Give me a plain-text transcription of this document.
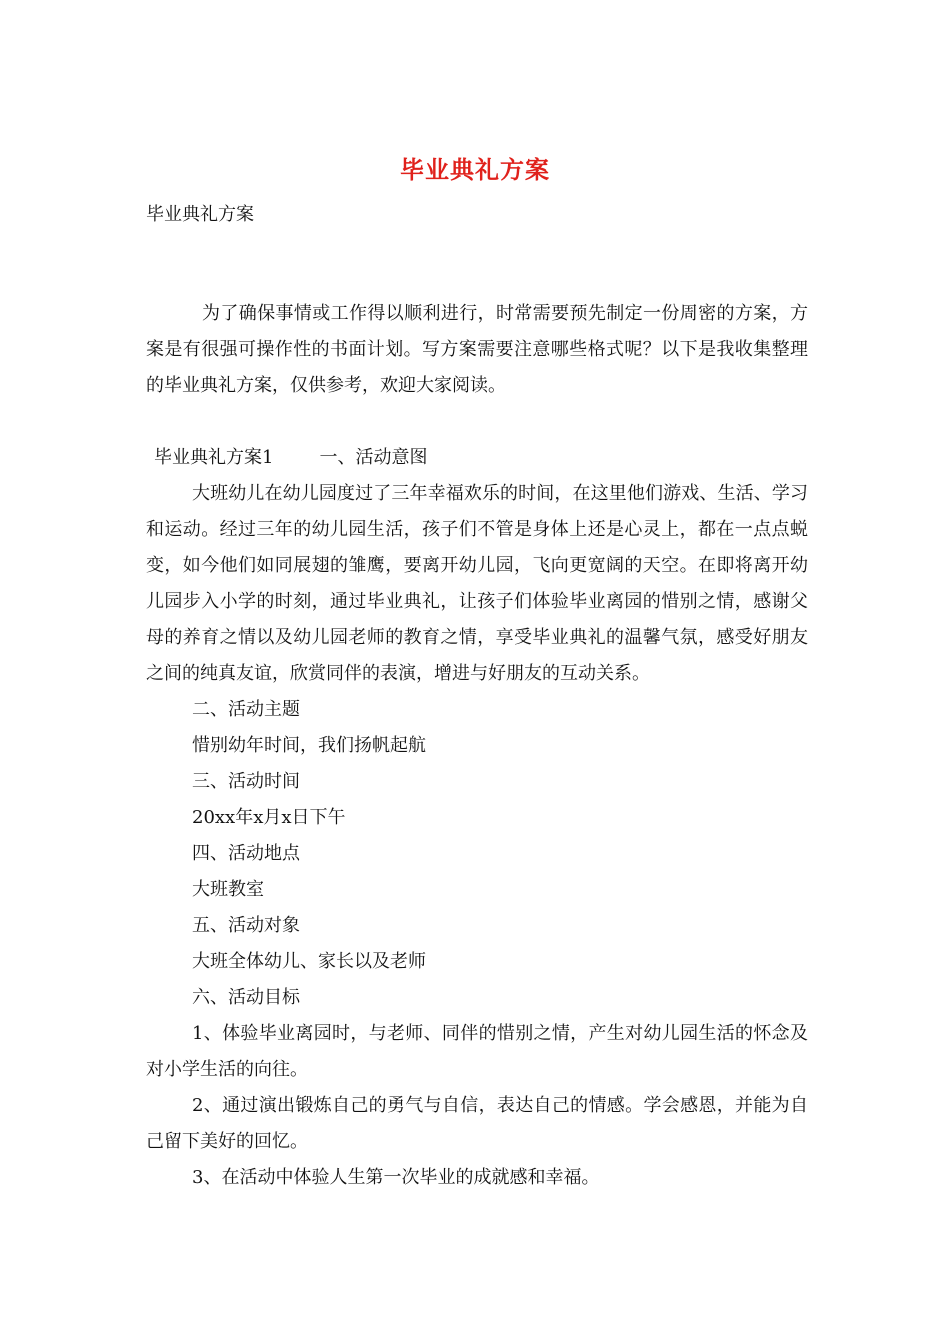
毕业典礼方案
毕业典礼方案

为了确保事情或工作得以顺利进行，时常需要预先制定一份周密的方案，方案是有很强可操作性的书面计划。写方案需要注意哪些格式呢？以下是我收集整理的毕业典礼方案，仅供参考，欢迎大家阅读。

毕业典礼方案1	一、活动意图

大班幼儿在幼儿园度过了三年幸福欢乐的时间，在这里他们游戏、生活、学习和运动。经过三年的幼儿园生活，孩子们不管是身体上还是心灵上，都在一点点蜕变，如今他们如同展翅的雏鹰，要离开幼儿园，飞向更宽阔的天空。在即将离开幼儿园步入小学的时刻，通过毕业典礼，让孩子们体验毕业离园的惜别之情，感谢父母的养育之情以及幼儿园老师的教育之情，享受毕业典礼的温馨气氛，感受好朋友之间的纯真友谊，欣赏同伴的表演，增进与好朋友的互动关系。

二、活动主题

惜别幼年时间，我们扬帆起航

三、活动时间

20xx年x月x日下午

四、活动地点

大班教室

五、活动对象

大班全体幼儿、家长以及老师

六、活动目标

1、体验毕业离园时，与老师、同伴的惜别之情，产生对幼儿园生活的怀念及对小学生活的向往。

2、通过演出锻炼自己的勇气与自信，表达自己的情感。学会感恩，并能为自己留下美好的回忆。

3、在活动中体验人生第一次毕业的成就感和幸福。
